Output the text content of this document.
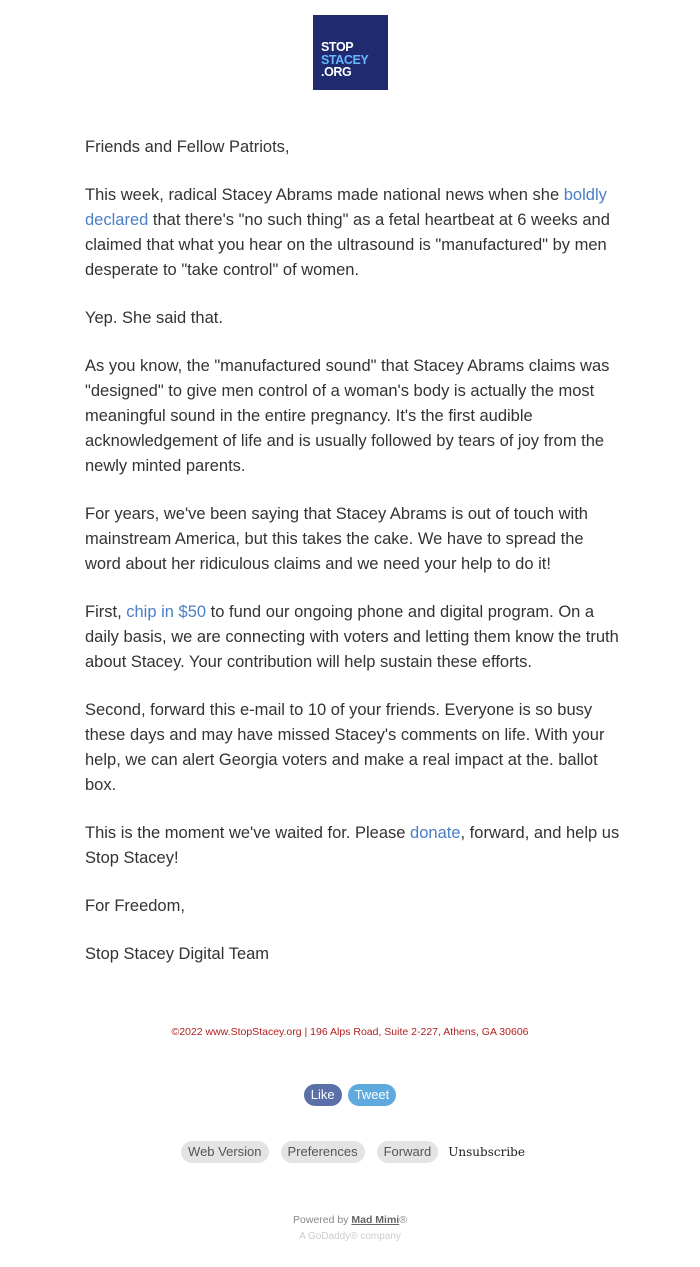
STOP
STACEY
.ORG

Friends and Fellow Patriots,

This week, radical Stacey Abrams made national news when she boldly declared that there's "no such thing" as a fetal heartbeat at 6 weeks and claimed that what you hear on the ultrasound is "manufactured" by men desperate to "take control" of women.

Yep. She said that.

As you know, the "manufactured sound" that Stacey Abrams claims was "designed" to give men control of a woman's body is actually the most meaningful sound in the entire pregnancy. It's the first audible acknowledgement of life and is usually followed by tears of joy from the newly minted parents.

For years, we've been saying that Stacey Abrams is out of touch with mainstream America, but this takes the cake. We have to spread the word about her ridiculous claims and we need your help to do it!

First, chip in $50 to fund our ongoing phone and digital program. On a daily basis, we are connecting with voters and letting them know the truth about Stacey. Your contribution will help sustain these efforts.

Second, forward this e-mail to 10 of your friends. Everyone is so busy these days and may have missed Stacey's comments on life. With your help, we can alert Georgia voters and make a real impact at the. ballot box.

This is the moment we've waited for. Please donate, forward, and help us Stop Stacey!

For Freedom,

Stop Stacey Digital Team

©2022 www.StopStacey.org | 196 Alps Road, Suite 2-227, Athens, GA 30606
Like Tweet
Web Version Preferences Forward Unsubscribe
Powered by Mad Mimi®
A GoDaddy® company
